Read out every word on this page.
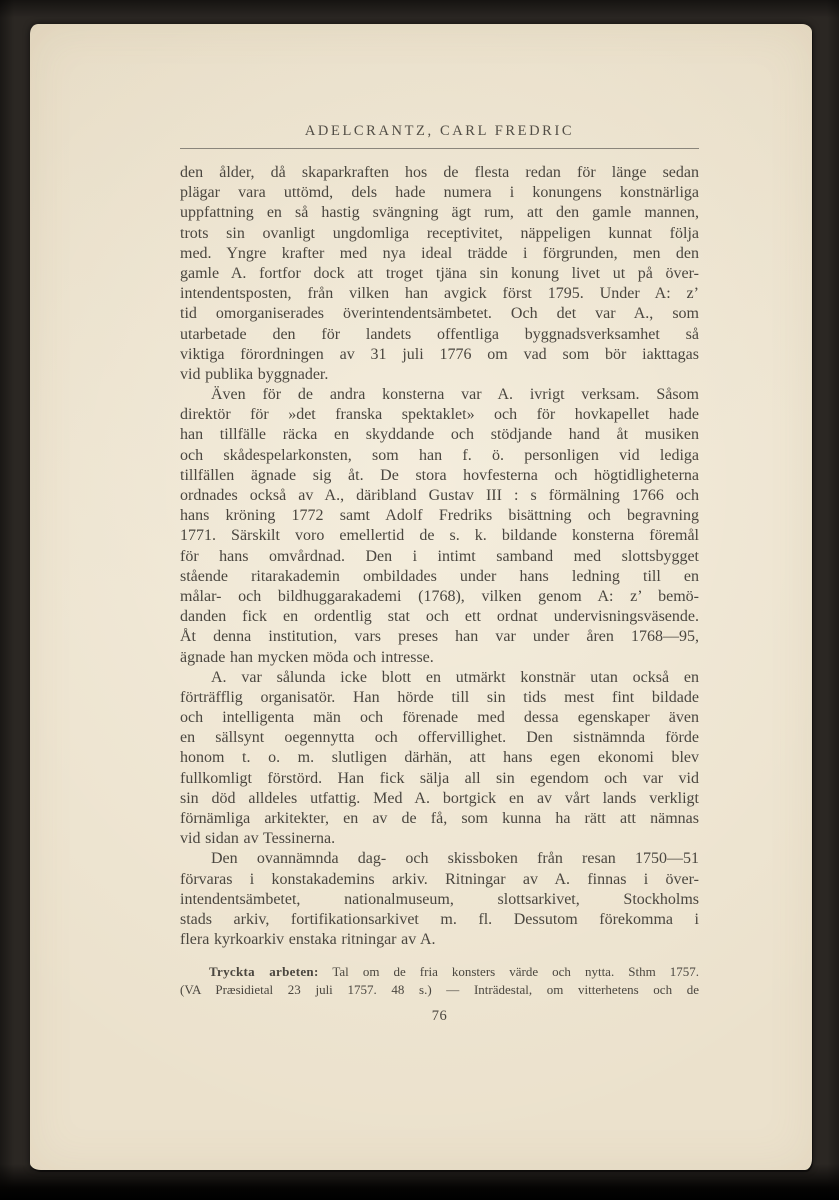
ADELCRANTZ, CARL FREDRIC
den ålder, då skaparkraften hos de flesta redan för länge sedan
plägar vara uttömd, dels hade numera i konungens konstnärliga
uppfattning en så hastig svängning ägt rum, att den gamle mannen,
trots sin ovanligt ungdomliga receptivitet, näppeligen kunnat följa
med. Yngre krafter med nya ideal trädde i förgrunden, men den
gamle A. fortfor dock att troget tjäna sin konung livet ut på över-
intendentsposten, från vilken han avgick först 1795. Under A: z’
tid omorganiserades överintendentsämbetet. Och det var A., som
utarbetade den för landets offentliga byggnadsverksamhet så
viktiga förordningen av 31 juli 1776 om vad som bör iakttagas
vid publika byggnader.
Även för de andra konsterna var A. ivrigt verksam. Såsom
direktör för »det franska spektaklet» och för hovkapellet hade
han tillfälle räcka en skyddande och stödjande hand åt musiken
och skådespelarkonsten, som han f. ö. personligen vid lediga
tillfällen ägnade sig åt. De stora hovfesterna och högtidligheterna
ordnades också av A., däribland Gustav III : s förmälning 1766 och
hans kröning 1772 samt Adolf Fredriks bisättning och begravning
1771. Särskilt voro emellertid de s. k. bildande konsterna föremål
för hans omvårdnad. Den i intimt samband med slottsbygget
stående ritarakademin ombildades under hans ledning till en
målar- och bildhuggarakademi (1768), vilken genom A: z’ bemö-
danden fick en ordentlig stat och ett ordnat undervisningsväsende.
Åt denna institution, vars preses han var under åren 1768—95,
ägnade han mycken möda och intresse.
A. var sålunda icke blott en utmärkt konstnär utan också en
förträfflig organisatör. Han hörde till sin tids mest fint bildade
och intelligenta män och förenade med dessa egenskaper även
en sällsynt oegennytta och offervillighet. Den sistnämnda förde
honom t. o. m. slutligen därhän, att hans egen ekonomi blev
fullkomligt förstörd. Han fick sälja all sin egendom och var vid
sin död alldeles utfattig. Med A. bortgick en av vårt lands verkligt
förnämliga arkitekter, en av de få, som kunna ha rätt att nämnas
vid sidan av Tessinerna.
Den ovannämnda dag- och skissboken från resan 1750—51
förvaras i konstakademins arkiv. Ritningar av A. finnas i över-
intendentsämbetet, nationalmuseum, slottsarkivet, Stockholms
stads arkiv, fortifikationsarkivet m. fl. Dessutom förekomma i
flera kyrkoarkiv enstaka ritningar av A.
Tryckta arbeten: Tal om de fria konsters värde och nytta. Sthm 1757.
(VA Præsidietal 23 juli 1757. 48 s.) — Inträdestal, om vitterhetens och de
76
